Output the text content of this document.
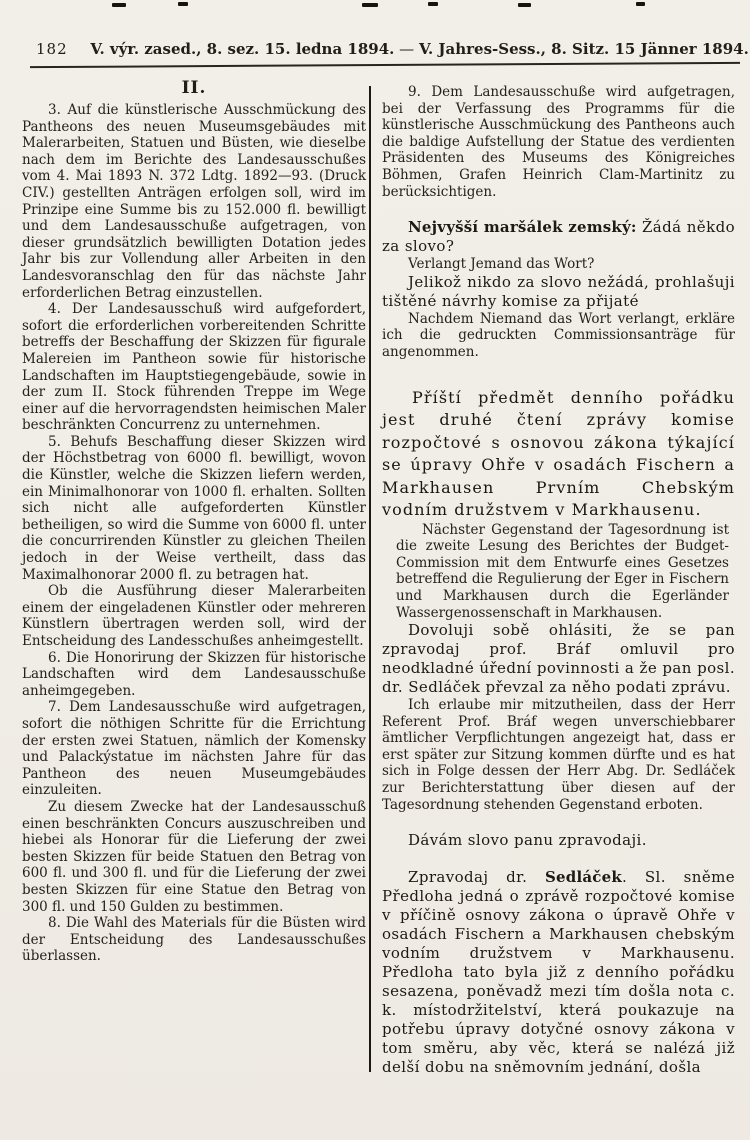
182 V. výr. zased., 8. sez. 15. ledna 1894. — V. Jahres-Sess., 8. Sitz. 15 Jänner 1894.

II.

3. Auf die künstlerische Ausschmückung des Pantheons des neuen Museumsgebäudes mit Malerarbeiten, Statuen und Büsten, wie dieselbe nach dem im Berichte des Landesausschußes vom 4. Mai 1893 N. 372 Ldtg. 1892—93. (Druck CIV.) gestellten Anträgen erfolgen soll, wird im Prinzipe eine Summe bis zu 152.000 fl. bewilligt und dem Landesausschuße aufgetragen, von dieser grundsätzlich bewilligten Dotation jedes Jahr bis zur Vollendung aller Arbeiten in den Landesvoranschlag den für das nächste Jahr erforderlichen Betrag einzustellen.

4. Der Landesausschuß wird aufgefordert, sofort die erforderlichen vorbereitenden Schritte betreffs der Beschaffung der Skizzen für figurale Malereien im Pantheon sowie für historische Landschaften im Hauptstiegengebäude, sowie in der zum II. Stock führenden Treppe im Wege einer auf die hervorragendsten heimischen Maler beschränkten Concurrenz zu unternehmen.

5. Behufs Beschaffung dieser Skizzen wird der Höchstbetrag von 6000 fl. bewilligt, wovon die Künstler, welche die Skizzen liefern werden, ein Minimalhonorar von 1000 fl. erhalten. Sollten sich nicht alle aufgeforderten Künstler betheiligen, so wird die Summe von 6000 fl. unter die concurrirenden Künstler zu gleichen Theilen jedoch in der Weise vertheilt, dass das Maximalhonorar 2000 fl. zu betragen hat.

Ob die Ausführung dieser Malerarbeiten einem der eingeladenen Künstler oder mehreren Künstlern übertragen werden soll, wird der Entscheidung des Landesschußes anheimgestellt.

6. Die Honorirung der Skizzen für historische Landschaften wird dem Landesausschuße anheimgegeben.

7. Dem Landesausschuße wird aufgetragen, sofort die nöthigen Schritte für die Errichtung der ersten zwei Statuen, nämlich der Komensky und Palackýstatue im nächsten Jahre für das Pantheon des neuen Museumgebäudes einzuleiten.

Zu diesem Zwecke hat der Landesausschuß einen beschränkten Concurs auszuschreiben und hiebei als Honorar für die Lieferung der zwei besten Skizzen für beide Statuen den Betrag von 600 fl. und 300 fl. und für die Lieferung der zwei besten Skizzen für eine Statue den Betrag von 300 fl. und 150 Gulden zu bestimmen.

8. Die Wahl des Materials für die Büsten wird der Entscheidung des Landesausschußes überlassen.

9. Dem Landesausschuße wird aufgetragen, bei der Verfassung des Programms für die künstlerische Ausschmückung des Pantheons auch die baldige Aufstellung der Statue des verdienten Präsidenten des Museums des Königreiches Böhmen, Grafen Heinrich Clam-Martinitz zu berücksichtigen.

Nejvyšší maršálek zemský: Žádá někdo za slovo?

Verlangt Jemand das Wort?

Jelikož nikdo za slovo nežádá, prohlašuji tištěné návrhy komise za přijaté

Nachdem Niemand das Wort verlangt, erkläre ich die gedruckten Commissionsanträge für angenommen.

Příští předmět denního pořádku jest druhé čtení zprávy komise rozpočtové s osnovou zákona týkající se úpravy Ohře v osadách Fischern a Markhausen Prvním Chebským vodním družstvem v Markhausenu.

Nächster Gegenstand der Tagesordnung ist die zweite Lesung des Berichtes der Budget-Commission mit dem Entwurfe eines Gesetzes betreffend die Regulierung der Eger in Fischern und Markhausen durch die Egerländer Wassergenossenschaft in Markhausen.

Dovoluji sobě ohlásiti, že se pan zpravodaj prof. Bráf omluvil pro neodkladné úřední povinnosti a že pan posl. dr. Sedláček převzal za něho podati zprávu.

Ich erlaube mir mitzutheilen, dass der Herr Referent Prof. Bráf wegen unverschiebbarer ämtlicher Verpflichtungen angezeigt hat, dass er erst später zur Sitzung kommen dürfte und es hat sich in Folge dessen der Herr Abg. Dr. Sedláček zur Berichterstattung über diesen auf der Tagesordnung stehenden Gegenstand erboten.

Dávám slovo panu zpravodaji.

Zpravodaj dr. Sedláček. Sl. sněme Předloha jedná o zprávě rozpočtové komise v příčině osnovy zákona o úpravě Ohře v osadách Fischern a Markhausen chebským vodním družstvem v Markhausenu. Předloha tato byla již z denního pořádku sesazena, poněvadž mezi tím došla nota c. k. místodržitelství, která poukazuje na potřebu úpravy dotyčné osnovy zákona v tom směru, aby věc, která se nalézá již delší dobu na sněmovním jednání, došla
